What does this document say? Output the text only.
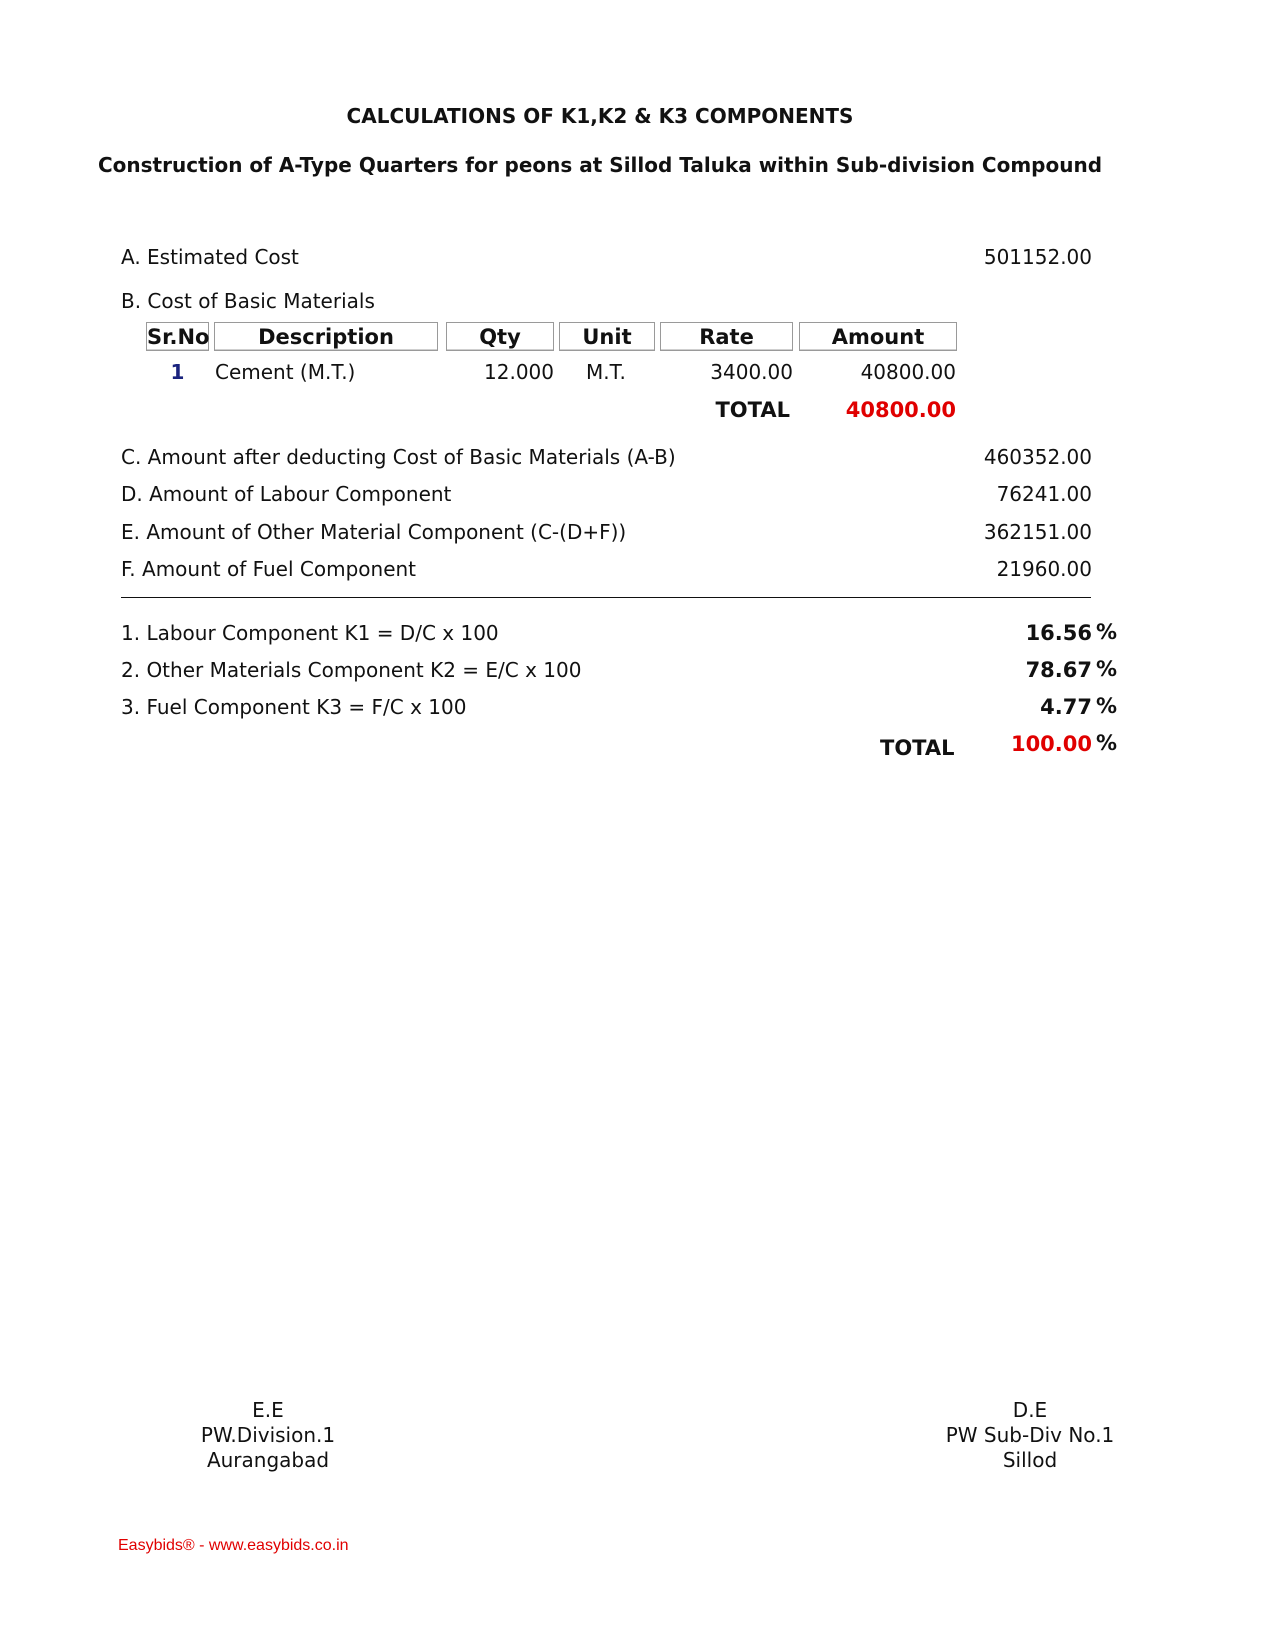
CALCULATIONS OF K1,K2 & K3 COMPONENTS
Construction of A-Type Quarters for peons at Sillod Taluka within Sub-division Compound
A. Estimated Cost	501152.00
B. Cost of Basic Materials
Sr.No	Description	Qty	Unit	Rate	Amount
1	Cement (M.T.)	12.000 M.T.	3400.00	40800.00
TOTAL	40800.00
C. Amount after deducting Cost of Basic Materials (A-B)	460352.00
D. Amount of Labour Component	76241.00
E. Amount of Other Material Component (C-(D+F))	362151.00
F. Amount of Fuel Component	21960.00
1. Labour Component K1 = D/C x 100	16.56 %
2. Other Materials Component K2 = E/C x 100	78.67 %
3. Fuel Component K3 = F/C x 100	4.77 %
TOTAL	100.00 %
E.E
PW.Division.1
Aurangabad
D.E
PW Sub-Div No.1
Sillod
Easybids® - www.easybids.co.in
